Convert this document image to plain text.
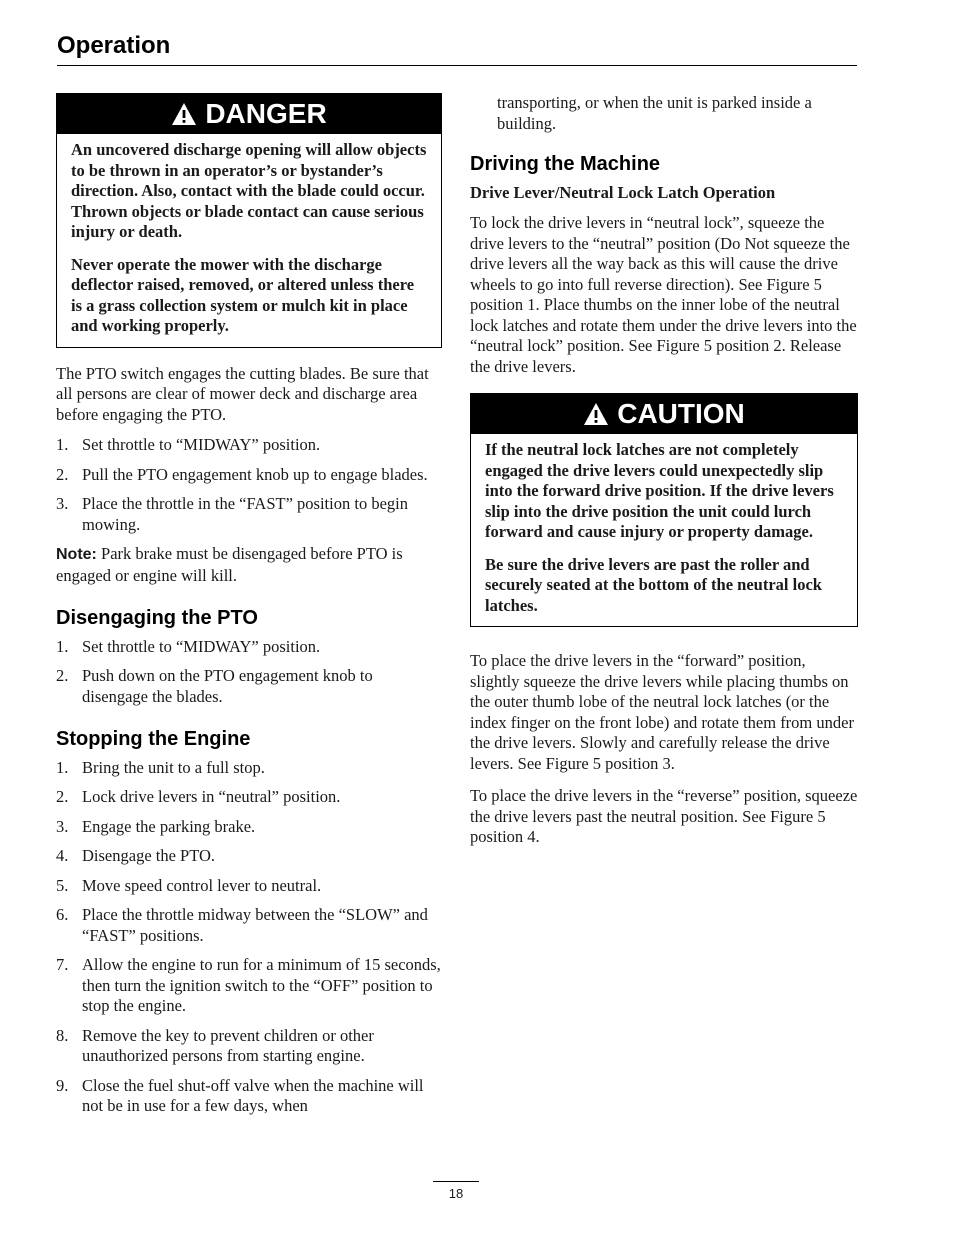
Operation
DANGER

An uncovered discharge opening will allow objects to be thrown in an operator’s or bystander’s direction. Also, contact with the blade could occur. Thrown objects or blade contact can cause serious injury or death.

Never operate the mower with the discharge deflector raised, removed, or altered unless there is a grass collection system or mulch kit in place and working properly.

The PTO switch engages the cutting blades. Be sure that all persons are clear of mower deck and discharge area before engaging the PTO.

1. Set throttle to “MIDWAY” position.
2. Pull the PTO engagement knob up to engage blades.
3. Place the throttle in the “FAST” position to begin mowing.

Note: Park brake must be disengaged before PTO is engaged or engine will kill.

Disengaging the PTO
1. Set throttle to “MIDWAY” position.
2. Push down on the PTO engagement knob to disengage the blades.
Stopping the Engine
1. Bring the unit to a full stop.
2. Lock drive levers in “neutral” position.
3. Engage the parking brake.
4. Disengage the PTO.
5. Move speed control lever to neutral.
6. Place the throttle midway between the “SLOW” and “FAST” positions.
7. Allow the engine to run for a minimum of 15 seconds, then turn the ignition switch to the “OFF” position to stop the engine.
8. Remove the key to prevent children or other unauthorized persons from starting engine.
9. Close the fuel shut-off valve when the machine will not be in use for a few days, when

transporting, or when the unit is parked inside a building.

Driving the Machine
Drive Lever/Neutral Lock Latch Operation

To lock the drive levers in “neutral lock”, squeeze the drive levers to the “neutral” position (Do Not squeeze the drive levers all the way back as this will cause the drive wheels to go into full reverse direction). See Figure 5 position 1. Place thumbs on the inner lobe of the neutral lock latches and rotate them under the drive levers into the “neutral lock” position. See Figure 5 position 2. Release the drive levers.

CAUTION

If the neutral lock latches are not completely engaged the drive levers could unexpectedly slip into the forward drive position. If the drive levers slip into the drive position the unit could lurch forward and cause injury or property damage.

Be sure the drive levers are past the roller and securely seated at the bottom of the neutral lock latches.

To place the drive levers in the “forward” position, slightly squeeze the drive levers while placing thumbs on the outer thumb lobe of the neutral lock latches (or the index finger on the front lobe) and rotate them from under the drive levers. Slowly and carefully release the drive levers. See Figure 5 position 3.

To place the drive levers in the “reverse” position, squeeze the drive levers past the neutral position. See Figure 5 position 4.

18
